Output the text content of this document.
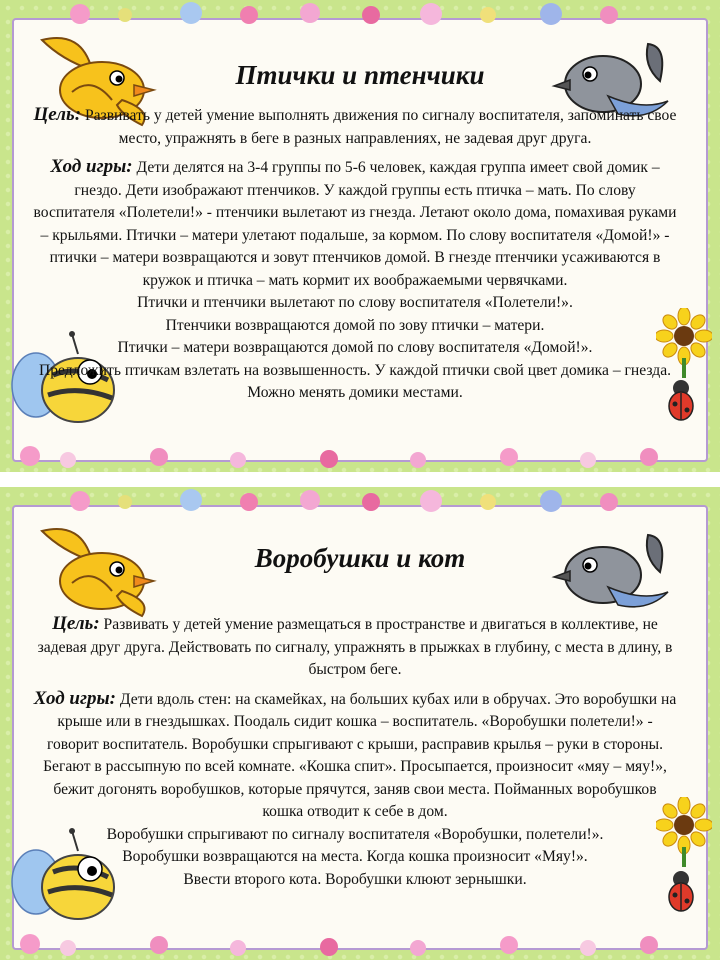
Птички и птенчики

Цель: Развивать у детей умение выполнять движения по сигналу воспитателя, запоминать свое место, упражнять в беге в разных направлениях, не задевая друг друга.

Ход игры: Дети делятся на 3-4 группы по 5-6 человек, каждая группа имеет свой домик – гнездо. Дети изображают птенчиков. У каждой группы есть птичка – мать. По слову воспитателя «Полетели!» - птенчики вылетают из гнезда. Летают около дома, помахивая руками – крыльями. Птички – матери улетают подальше, за кормом. По слову воспитателя «Домой!» - птички – матери возвращаются и зовут птенчиков домой. В гнезде птенчики усаживаются в кружок и птичка – мать кормит их воображаемыми червячками.

Птички и птенчики вылетают по слову воспитателя «Полетели!».

Птенчики возвращаются домой по зову птички – матери.

Птички – матери возвращаются домой по слову воспитателя «Домой!».

Предложить птичкам взлетать на возвышенность. У каждой птички свой цвет домика – гнезда. Можно менять домики местами.

Воробушки и кот

Цель: Развивать у детей умение размещаться в пространстве и двигаться в коллективе, не задевая друг друга. Действовать по сигналу, упражнять в прыжках в глубину, с места в длину, в быстром беге.

Ход игры: Дети вдоль стен: на скамейках, на больших кубах или в обручах. Это воробушки на крыше или в гнездышках. Поодаль сидит кошка – воспитатель. «Воробушки полетели!» - говорит воспитатель. Воробушки спрыгивают с крыши, расправив крылья – руки в стороны. Бегают в рассыпную по всей комнате. «Кошка спит». Просыпается, произносит «мяу – мяу!», бежит догонять воробушков, которые прячутся, заняв свои места. Пойманных воробушков кошка отводит к себе в дом.

Воробушки спрыгивают по сигналу воспитателя «Воробушки, полетели!».

Воробушки возвращаются на места. Когда кошка произносит «Мяу!».

Ввести второго кота. Воробушки клюют зернышки.
